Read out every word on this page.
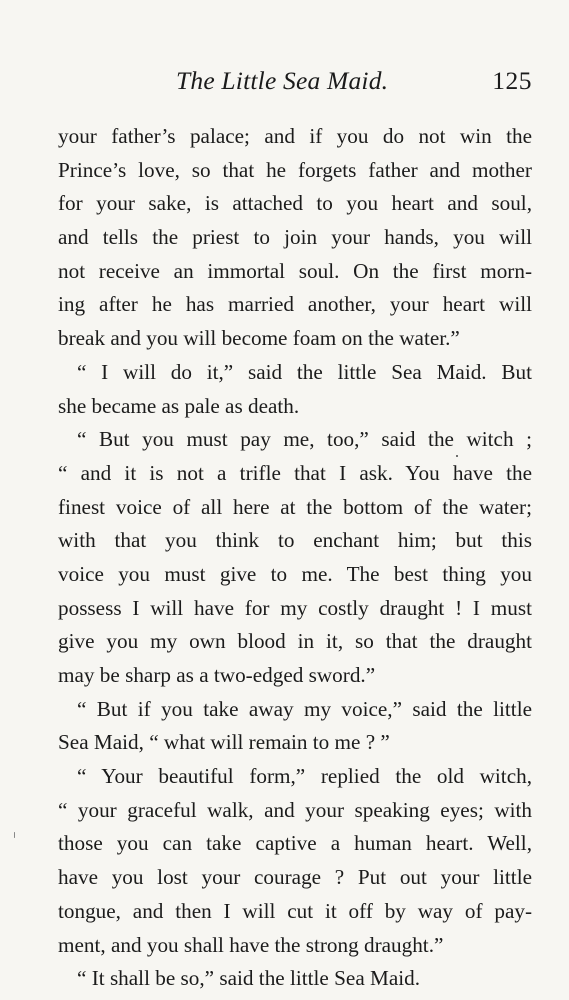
The Little Sea Maid.	125
your father’s palace; and if you do not win the
Prince’s love, so that he forgets father and mother
for your sake, is attached to you heart and soul,
and tells the priest to join your hands, you will
not receive an immortal soul. On the first morn-
ing after he has married another, your heart will
break and you will become foam on the water.”
“ I will do it,” said the little Sea Maid. But
she became as pale as death.
“ But you must pay me, too,” said the witch ;
“ and it is not a trifle that I ask. You have the
finest voice of all here at the bottom of the water;
with that you think to enchant him; but this
voice you must give to me. The best thing you
possess I will have for my costly draught ! I must
give you my own blood in it, so that the draught
may be sharp as a two-edged sword.”
“ But if you take away my voice,” said the little
Sea Maid, “ what will remain to me ? ”
“ Your beautiful form,” replied the old witch,
“ your graceful walk, and your speaking eyes; with
those you can take captive a human heart. Well,
have you lost your courage ? Put out your little
tongue, and then I will cut it off by way of pay-
ment, and you shall have the strong draught.”
“ It shall be so,” said the little Sea Maid.
